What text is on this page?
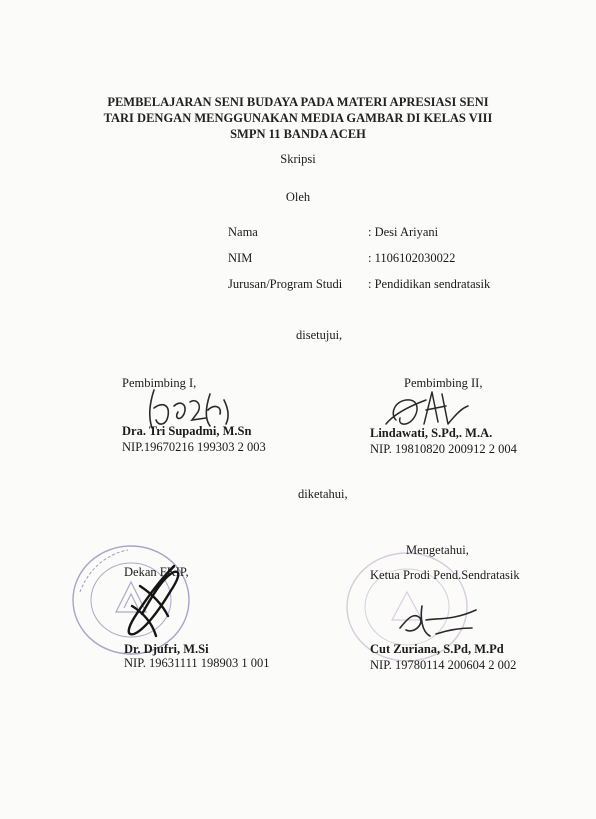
PEMBELAJARAN SENI BUDAYA PADA MATERI APRESIASI SENI
TARI DENGAN MENGGUNAKAN MEDIA GAMBAR DI KELAS VIII
SMPN 11 BANDA ACEH
Skripsi
Oleh
Nama	: Desi Ariyani
NIM	: 1106102030022
Jurusan/Program Studi : Pendidikan sendratasik
disetujui,
Pembimbing I,
Dra. Tri Supadmi, M.Sn
NIP.19670216 199303 2 003
Pembimbing II,
Lindawati, S.Pd,. M.A.
NIP. 19810820 200912 2 004
diketahui,
Dekan FKIP,
Dr. Djufri, M.Si
NIP. 19631111 198903 1 001
Mengetahui,
Ketua Prodi Pend.Sendratasik
Cut Zuriana, S.Pd, M.Pd
NIP. 19780114 200604 2 002
